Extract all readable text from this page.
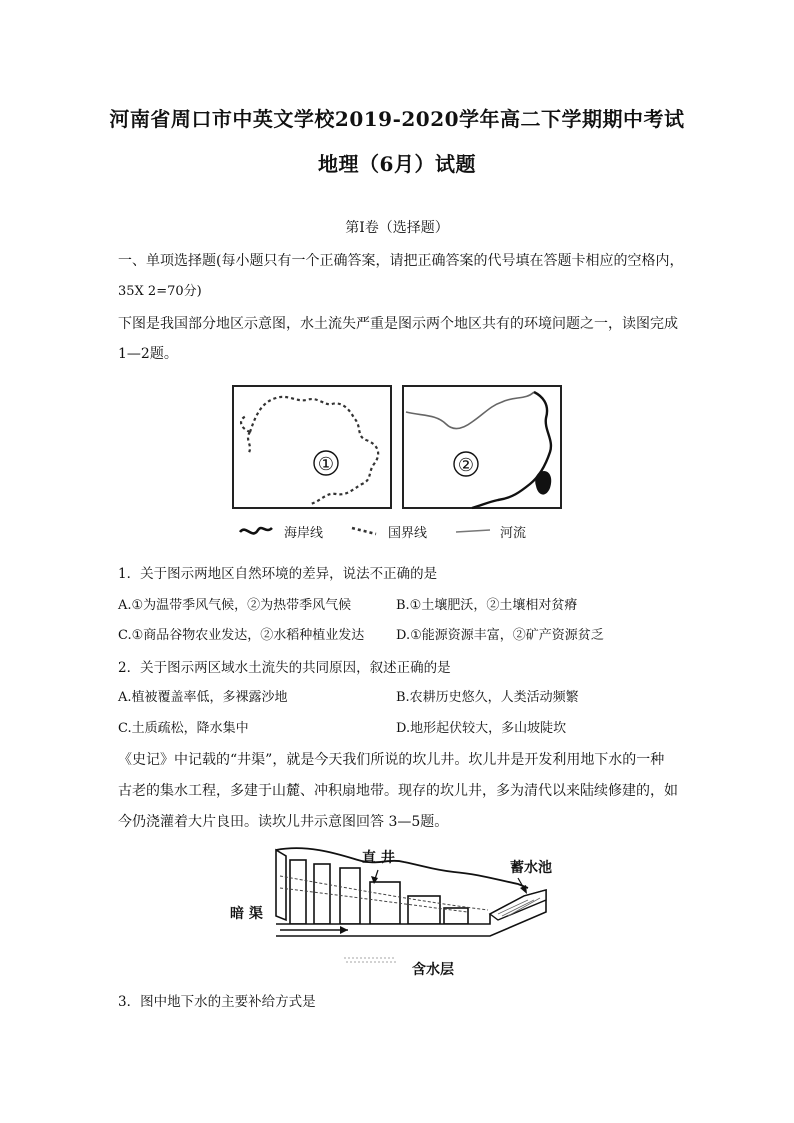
河南省周口市中英文学校2019-2020学年高二下学期期中考试
地理（6月）试题
第Ⅰ卷（选择题）
一、单项选择题(每小题只有一个正确答案，请把正确答案的代号填在答题卡相应的空格内，
35X 2=70分)
下图是我国部分地区示意图，水土流失严重是图示两个地区共有的环境问题之一，读图完成
1—2题。
①	②
海岸线	国界线	河流
1．关于图示两地区自然环境的差异，说法不正确的是
A.①为温带季风气候，②为热带季风气候	B.①土壤肥沃，②土壤相对贫瘠
C.①商品谷物农业发达，②水稻种植业发达 D.①能源资源丰富，②矿产资源贫乏
2．关于图示两区域水土流失的共同原因，叙述正确的是
A.植被覆盖率低，多裸露沙地	B.农耕历史悠久，人类活动频繁
C.土质疏松，降水集中	D.地形起伏较大，多山坡陡坎
《史记》中记载的“井渠”，就是今天我们所说的坎儿井。坎儿井是开发利用地下水的一种
古老的集水工程，多建于山麓、冲积扇地带。现存的坎儿井，多为清代以来陆续修建的，如
今仍浇灌着大片良田。读坎儿井示意图回答 3—5题。
直 井
蓄水池
暗 渠
含水层
3．图中地下水的主要补给方式是
